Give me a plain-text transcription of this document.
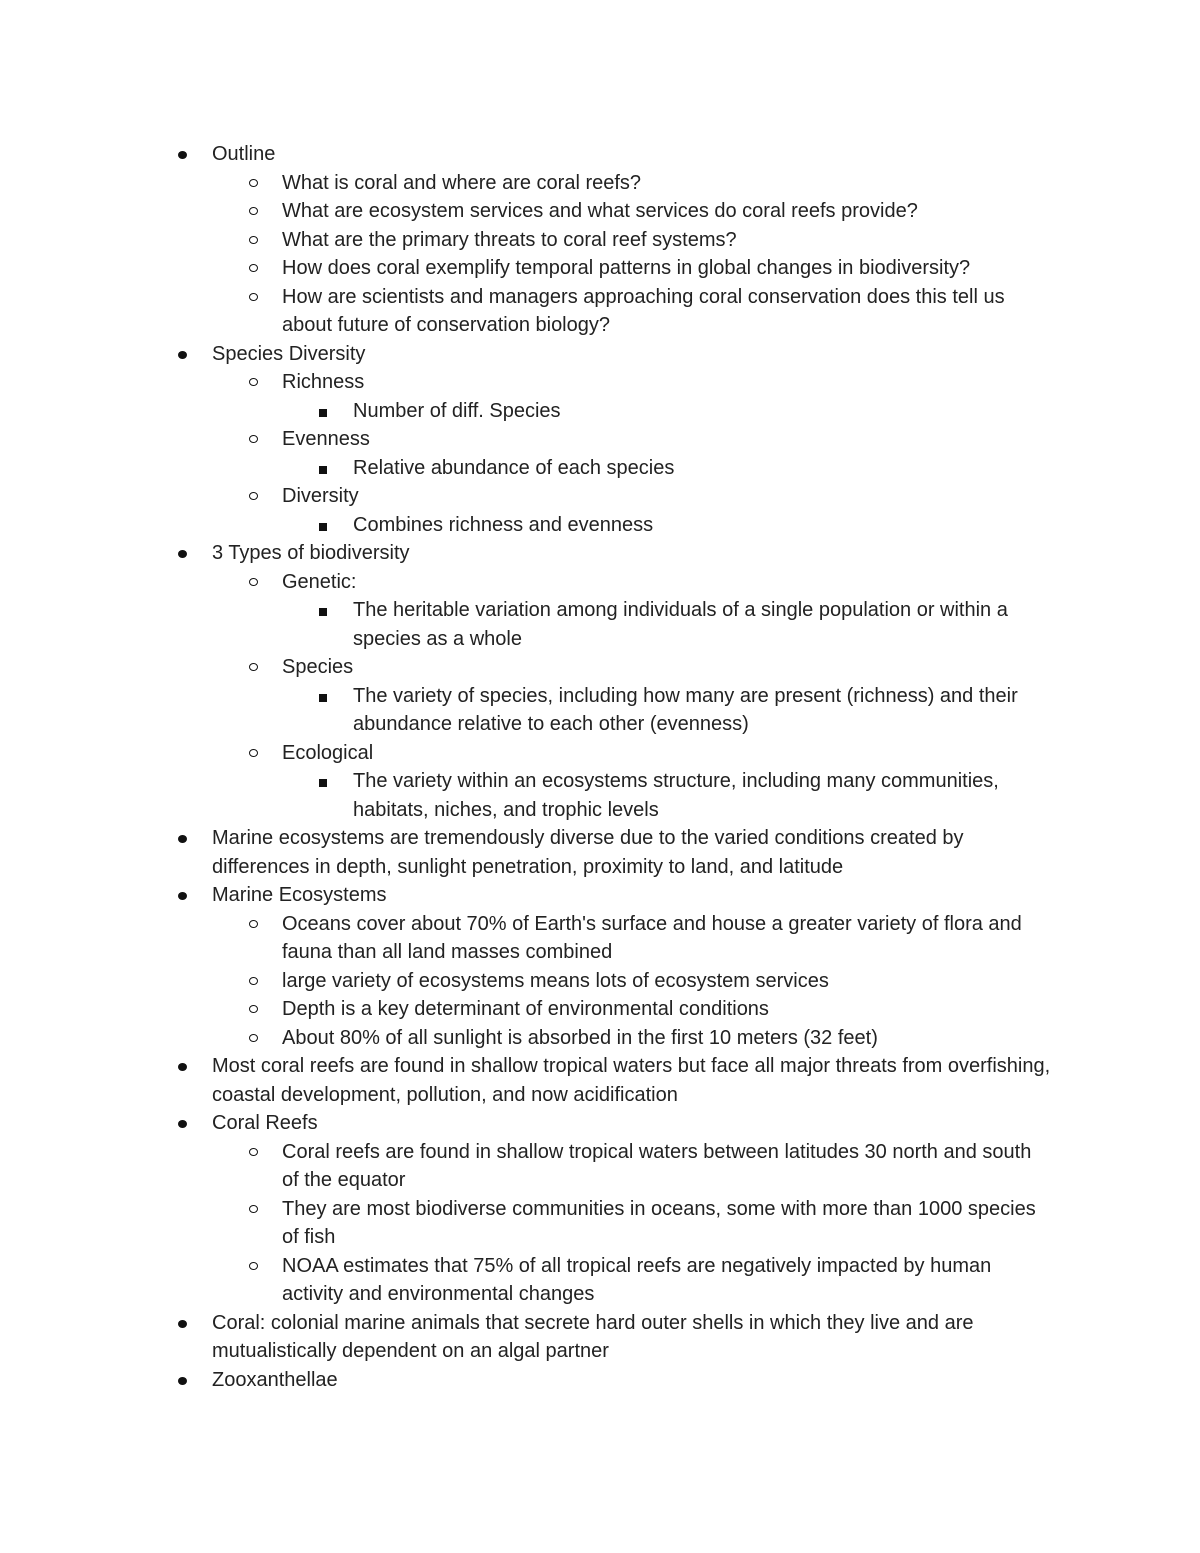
Outline
What is coral and where are coral reefs?
What are ecosystem services and what services do coral reefs provide?
What are the primary threats to coral reef systems?
How does coral exemplify temporal patterns in global changes in biodiversity?
How are scientists and managers approaching coral conservation does this tell us about future of conservation biology?
Species Diversity
Richness
Number of diff. Species
Evenness
Relative abundance of each species
Diversity
Combines richness and evenness
3 Types of biodiversity
Genetic:
The heritable variation among individuals of a single population or within a species as a whole
Species
The variety of species, including how many are present (richness) and their abundance relative to each other (evenness)
Ecological
The variety within an ecosystems structure, including many communities, habitats, niches, and trophic levels
Marine ecosystems are tremendously diverse due to the varied conditions created by differences in depth, sunlight penetration, proximity to land, and latitude
Marine Ecosystems
Oceans cover about 70% of Earth's surface and house a greater variety of flora and fauna than all land masses combined
large variety of ecosystems means lots of ecosystem services
Depth is a key determinant of environmental conditions
About 80% of all sunlight is absorbed in the first 10 meters (32 feet)
Most coral reefs are found in shallow tropical waters but face all major threats from overfishing, coastal development, pollution, and now acidification
Coral Reefs
Coral reefs are found in shallow tropical waters between latitudes 30 north and south of the equator
They are most biodiverse communities in oceans, some with more than 1000 species of fish
NOAA estimates that 75% of all tropical reefs are negatively impacted by human activity and environmental changes
Coral: colonial marine animals that secrete hard outer shells in which they live and are mutualistically dependent on an algal partner
Zooxanthellae
